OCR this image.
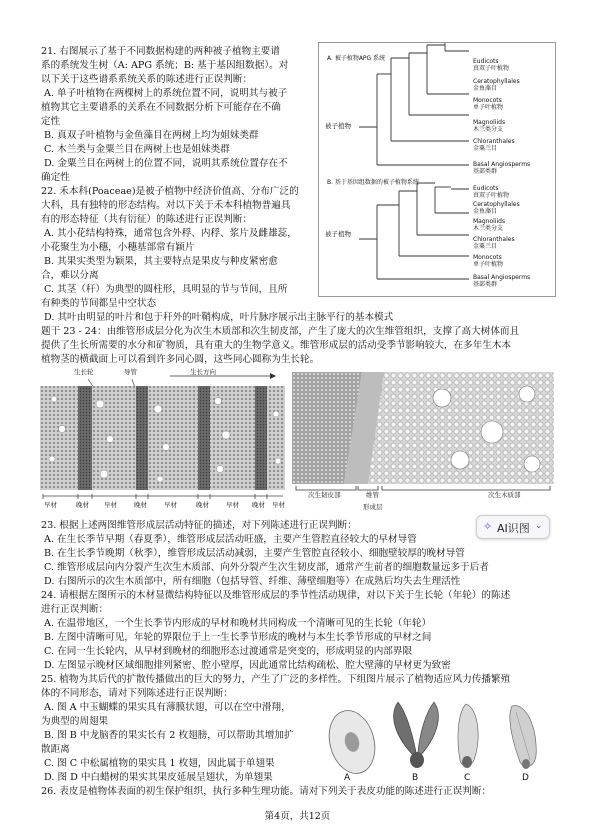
21. 右图展示了基于不同数据构建的两种被子植物主要谱
系的系统发生树（A: APG 系统；B: 基于基因组数据）。对
以下关于这些谱系系统关系的陈述进行正误判断：
A. 单子叶植物在两棵树上的系统位置不同，说明其与被子
植物其它主要谱系的关系在不同数据分析下可能存在不确
定性
B. 真双子叶植物与金鱼藻目在两树上均为姐妹类群
C. 木兰类与金粟兰目在两树上也是姐妹类群
D. 金粟兰目在两树上的位置不同，说明其系统位置存在不
确定性
22. 禾本科(Poaceae)是被子植物中经济价值高、分布广泛的
大科，具有独特的形态结构。对以下关于禾本科植物普遍具
有的形态特征（共有衍征）的陈述进行正误判断：
A. 其小花结构特殊，通常包含外稃、内稃、浆片及雌雄蕊，
小花聚生为小穗，小穗基部常有颖片
B. 其果实类型为颖果，其主要特点是果皮与种皮紧密愈
合，难以分离
C. 其茎（秆）为典型的圆柱形，具明显的节与节间，且所
有种类的节间都呈中空状态
D. 其叶由明显的叶片和包于秆外的叶鞘构成，叶片脉序展示出主脉平行的基本模式
A. 被子植物APG 系统
B. 基于基因组数据的被子植物系统
被子植物
被子植物
Eudicots
真双子叶植物
Ceratophyllales
金鱼藻目
Monocots
单子叶植物
Magnoliids
木兰类分支
Chloranthales
金粟兰目
Basal Angiosperms
基部类群
Eudicots
真双子叶植物
Ceratophyllales
金鱼藻目
Magnoliids
木兰类分支
Chloranthales
金粟兰目
Monocots
单子叶植物
Basal Angiosperms
基部类群
题干 23 - 24：由维管形成层分化为次生木质部和次生韧皮部，产生了庞大的次生维管组织，支撑了高大树体而且
提供了生长所需要的水分和矿物质，具有重大的生物学意义。维管形成层的活动受季节影响较大，在多年生木本
植物茎的横截面上可以看到许多同心圆，这些同心圆称为生长轮。
生长轮	导管	生长方向
早材	晚材 早材	晚材	早材	晚材	早材 晚材 早材
次生韧皮部	维管
形成层
次生木质部
✧ AI识图 ⌄
23. 根据上述两图维管形成层活动特征的描述，对下列陈述进行正误判断：
A. 在生长季节早期（春夏季），维管形成层活动旺盛，主要产生管腔直径较大的早材导管
B. 在生长季节晚期（秋季），维管形成层活动减弱，主要产生管腔直径较小、细胞壁较厚的晚材导管
C. 维管形成层向内分裂产生次生木质部、向外分裂产生次生韧皮部，通常产生前者的细胞数量远多于后者
D. 右图所示的次生木质部中，所有细胞（包括导管、纤维、薄壁细胞等）在成熟后均失去生理活性
24. 请根据左图所示的木材显微结构特征以及维管形成层的季节性活动规律，对以下关于生长轮（年轮）的陈述
进行正误判断：
A. 在温带地区，一个生长季节内形成的早材和晚材共同构成一个清晰可见的生长轮（年轮）
B. 左图中清晰可见，年轮的界限位于上一生长季节形成的晚材与本生长季节形成的早材之间
C. 在同一生长轮内，从早材到晚材的细胞形态过渡通常是突变的，形成明显的内部界限
D. 左图显示晚材区域细胞排列紧密、腔小壁厚，因此通常比结构疏松、腔大壁薄的早材更为致密
25. 植物为其后代的扩散传播做出的巨大的努力，产生了广泛的多样性。下组图片展示了植物适应风力传播繁殖
体的不同形态，请对下列陈述进行正误判断：
A. 图 A 中玉蝴蝶的果实具有薄膜状翅，可以在空中滑翔，
为典型的周翅果
B. 图 B 中龙脑香的果实长有 2 枚翅膀，可以帮助其增加扩
散距离
C. 图 C 中松属植物的果实具 1 枚翅，因此属于单翅果
D. 图 D 中白蜡树的果实其果皮延展呈翅状，为单翅果	A	B	C	D
26. 表皮是植物体表面的初生保护组织，执行多种生理功能。请对下列关于表皮功能的陈述进行正误判断：
第4页，共12页
